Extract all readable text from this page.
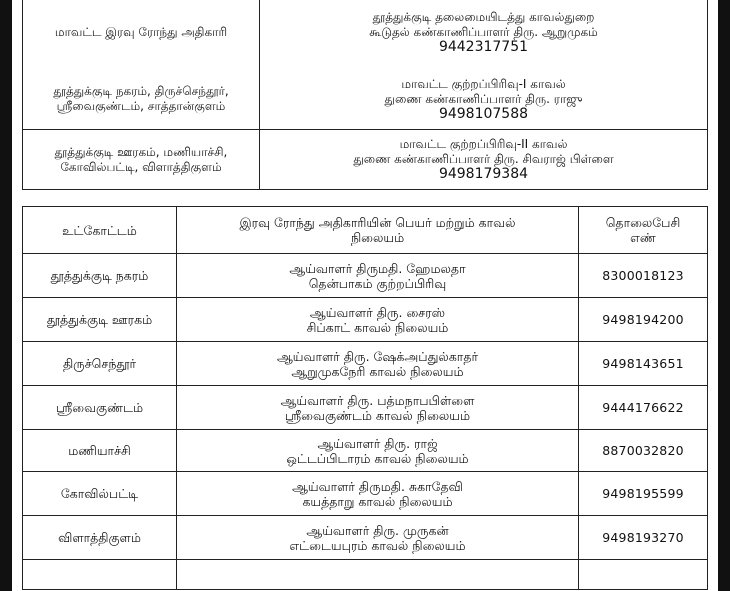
மாவட்ட இரவு ரோந்து அதிகாரி	தூத்துக்குடி தலைமையிடத்து காவல்துறை
கூடுதல் கண்காணிப்பாளர் திரு. ஆறுமுகம்
9442317751

தூத்துக்குடி நகரம், திருச்செந்தூர், ஸ்ரீவைகுண்டம், சாத்தான்குளம்	மாவட்ட குற்றப்பிரிவு-I காவல்
துணை கண்காணிப்பாளர் திரு. ராஜு
9498107588

தூத்துக்குடி ஊரகம், மணியாச்சி, கோவில்பட்டி, விளாத்திகுளம்	மாவட்ட குற்றப்பிரிவு-II காவல்
துணை கண்காணிப்பாளர் திரு. சிவராஜ் பிள்ளை
9498179384
உட்கோட்டம்	இரவு ரோந்து அதிகாரியின் பெயர் மற்றும் காவல் நிலையம்	தொலைபேசி எண்
தூத்துக்குடி நகரம்	ஆய்வாளர் திருமதி. ஹேமலதா
தென்பாகம் குற்றப்பிரிவு	8300018123
தூத்துக்குடி ஊரகம்	ஆய்வாளர் திரு. சைரஸ்
சிப்காட் காவல் நிலையம்	9498194200
திருச்செந்தூர்	ஆய்வாளர் திரு. ஷேக்அப்துல்காதர்
ஆறுமுகநேரி காவல் நிலையம்	9498143651
ஸ்ரீவைகுண்டம்	ஆய்வாளர் திரு. பத்மநாபபிள்ளை
ஸ்ரீவைகுண்டம் காவல் நிலையம்	9444176622
மணியாச்சி	ஆய்வாளர் திரு. ராஜ்
ஒட்டப்பிடாரம் காவல் நிலையம்	8870032820
கோவில்பட்டி	ஆய்வாளர் திருமதி. சுகாதேவி
கயத்தாறு காவல் நிலையம்	9498195599
விளாத்திகுளம்	ஆய்வாளர் திரு. முருகன்
எட்டையபுரம் காவல் நிலையம்	9498193270
